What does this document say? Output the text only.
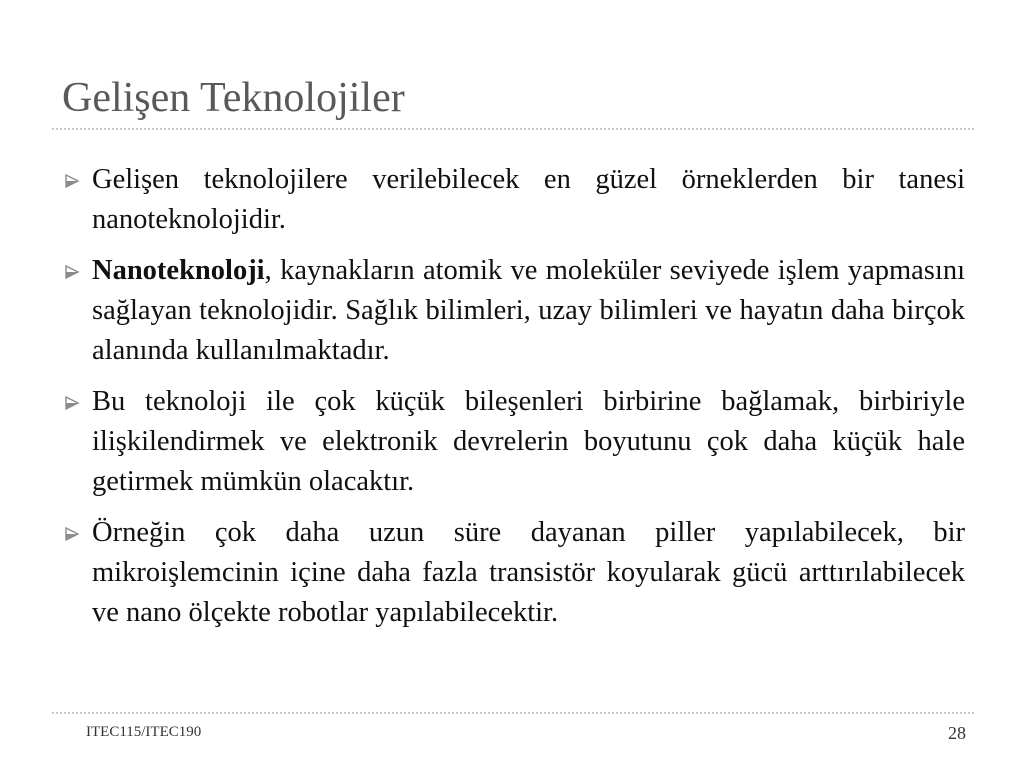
Gelişen Teknolojiler
Gelişen teknolojilere verilebilecek en güzel örneklerden bir tanesi nanoteknolojidir.
Nanoteknoloji, kaynakların atomik ve moleküler seviyede işlem yapmasını sağlayan teknolojidir. Sağlık bilimleri, uzay bilimleri ve hayatın daha birçok alanında kullanılmaktadır.
Bu teknoloji ile çok küçük bileşenleri birbirine bağlamak, birbiriyle ilişkilendirmek ve elektronik devrelerin boyutunu çok daha küçük hale getirmek mümkün olacaktır.
Örneğin çok daha uzun süre dayanan piller yapılabilecek, bir mikroişlemcinin içine daha fazla transistör koyularak gücü arttırılabilecek ve nano ölçekte robotlar yapılabilecektir.
ITEC115/ITEC190	28
